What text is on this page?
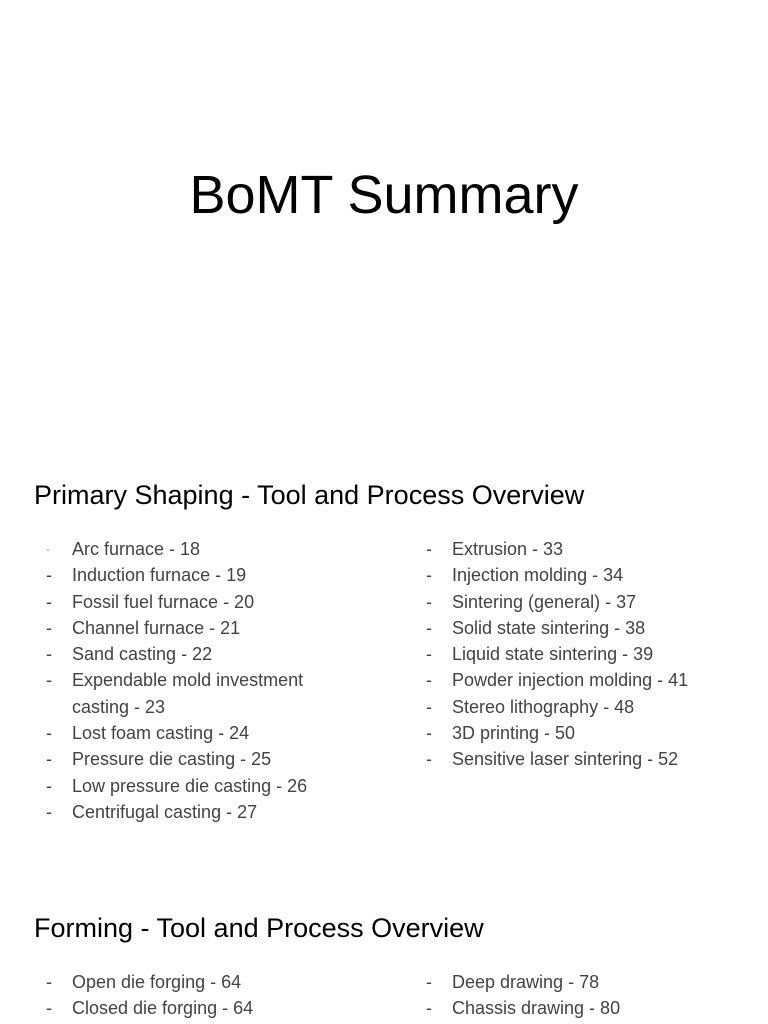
BoMT Summary
Primary Shaping - Tool and Process Overview
- Arc furnace - 18
- Induction furnace - 19
- Fossil fuel furnace - 20
- Channel furnace - 21
- Sand casting - 22
- Expendable mold investment casting - 23
- Lost foam casting - 24
- Pressure die casting - 25
- Low pressure die casting - 26
- Centrifugal casting - 27
- Extrusion - 33
- Injection molding - 34
- Sintering (general) - 37
- Solid state sintering - 38
- Liquid state sintering - 39
- Powder injection molding - 41
- Stereo lithography - 48
- 3D printing - 50
- Sensitive laser sintering - 52
Forming - Tool and Process Overview
- Open die forging - 64
- Closed die forging - 64
- Deep drawing - 78
- Chassis drawing - 80
